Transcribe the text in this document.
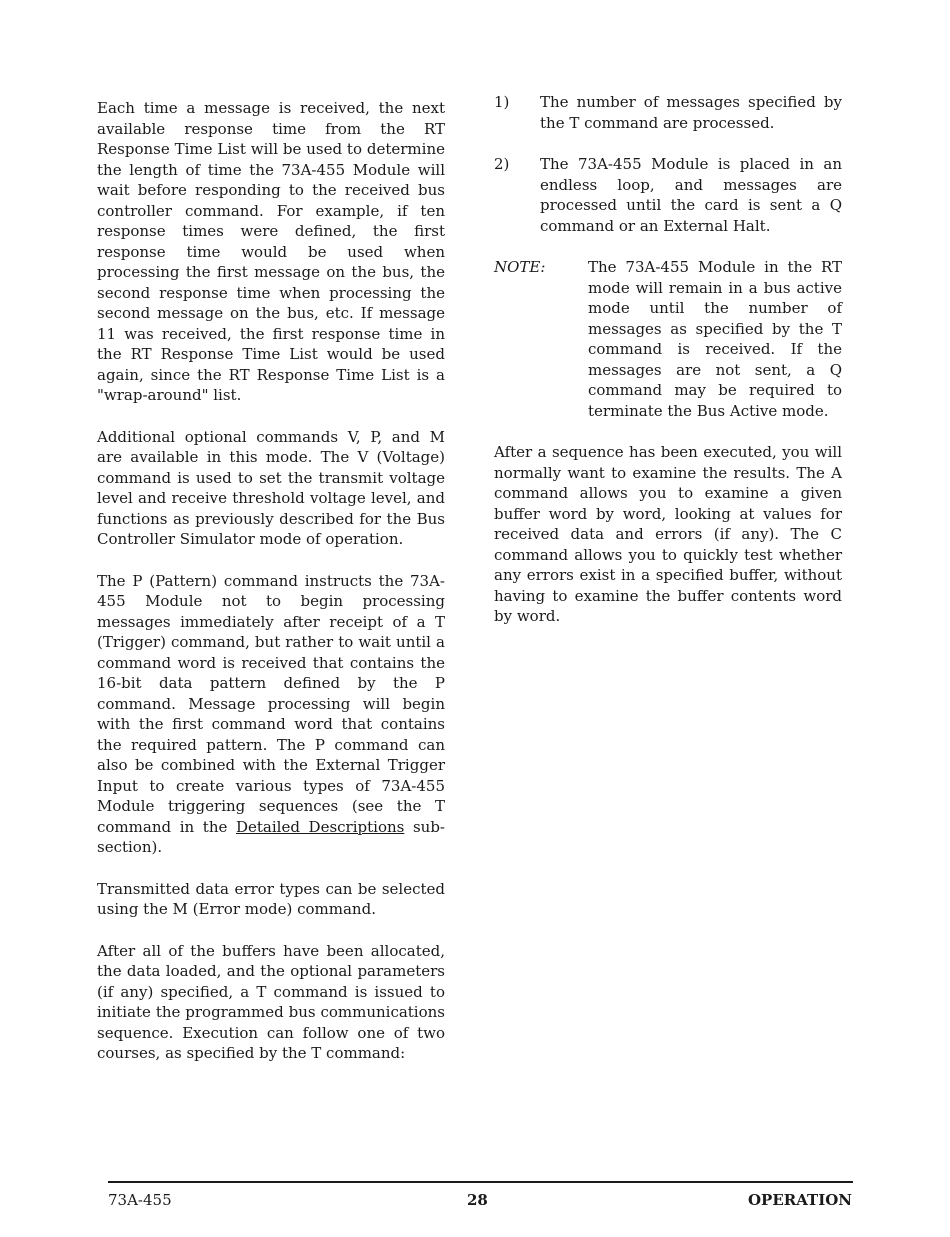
Each time a message is received, the next available response time from the RT Response Time List will be used to determine the length of time the 73A-455 Module will wait before responding to the received bus controller command. For example, if ten response times were defined, the first response time would be used when processing the first message on the bus, the second response time when processing the second message on the bus, etc. If message 11 was received, the first response time in the RT Response Time List would be used again, since the RT Response Time List is a "wrap-around" list.

Additional optional commands V, P, and M are available in this mode. The V (Voltage) command is used to set the transmit voltage level and receive threshold voltage level, and functions as previously described for the Bus Controller Simulator mode of operation.

The P (Pattern) command instructs the 73A-455 Module not to begin processing messages immediately after receipt of a T (Trigger) command, but rather to wait until a command word is received that contains the 16-bit data pattern defined by the P command. Message processing will begin with the first command word that contains the required pattern. The P command can also be combined with the External Trigger Input to create various types of 73A-455 Module triggering sequences (see the T command in the Detailed Descriptions sub-section).

Transmitted data error types can be selected using the M (Error mode) command.

After all of the buffers have been allocated, the data loaded, and the optional parameters (if any) specified, a T command is issued to initiate the programmed bus communications sequence. Execution can follow one of two courses, as specified by the T command:

1) The number of messages specified by the T command are processed.
2) The 73A-455 Module is placed in an endless loop, and messages are processed until the card is sent a Q command or an External Halt.
NOTE:	The 73A-455 Module in the RT mode will remain in a bus active mode until the number of messages as specified by the T command is received. If the messages are not sent, a Q command may be required to terminate the Bus Active mode.

After a sequence has been executed, you will normally want to examine the results. The A command allows you to examine a given buffer word by word, looking at values for received data and errors (if any). The C command allows you to quickly test whether any errors exist in a specified buffer, without having to examine the buffer contents word by word.

73A-455	28	OPERATION
